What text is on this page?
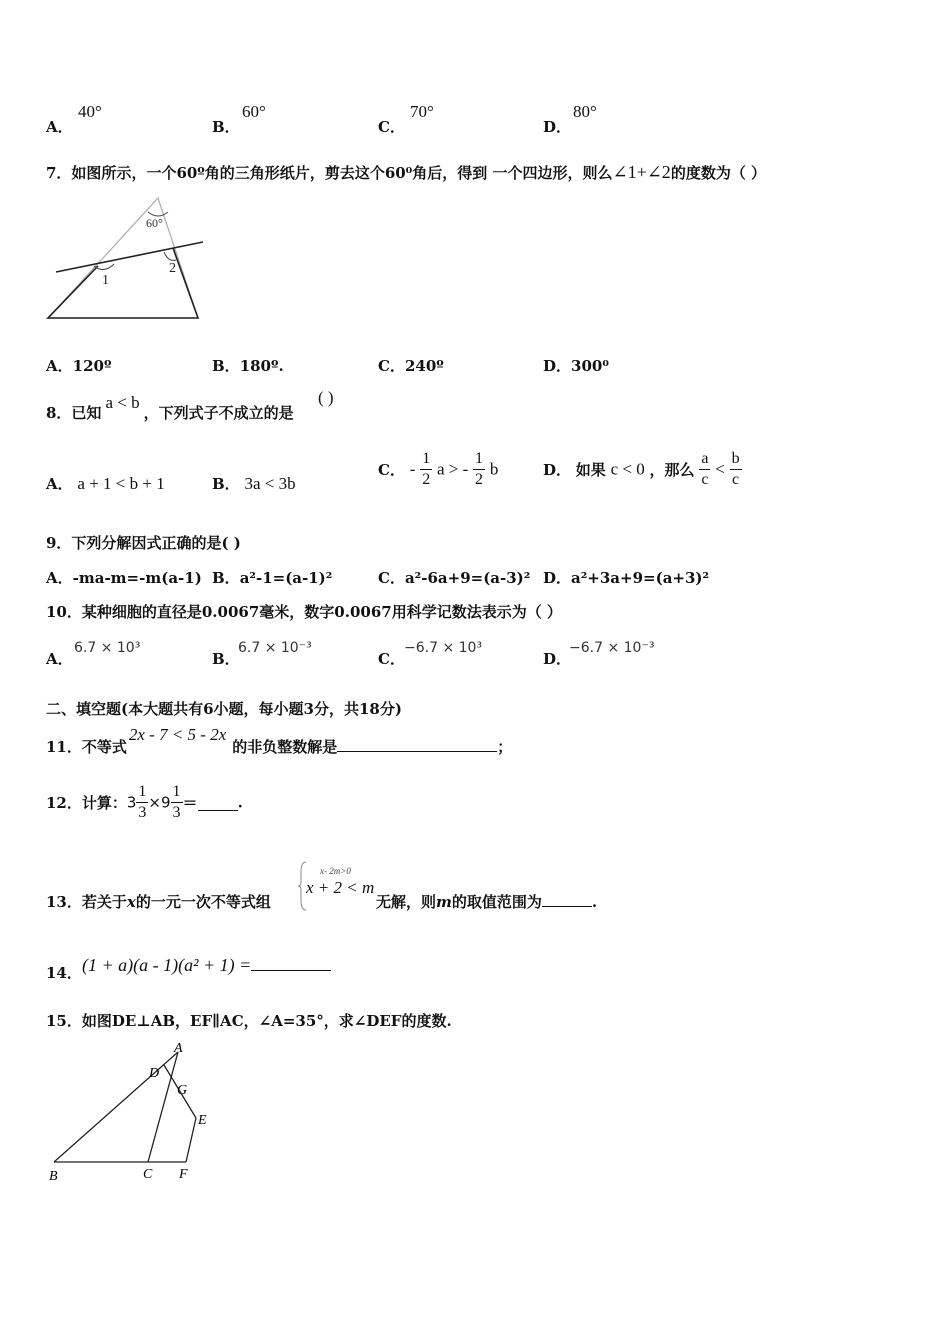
A．
40°
B．
60°
C．
70°
D．
80°
7．如图所示，一个60º角的三角形纸片，剪去这个60⁰角后，得到 一个四边形，则么∠1+∠2的度数为（ ）
60°
1
2
A．120º	B．180º.	C．240º	D．300⁰
8．已知a < b，下列式子不成立的是
( )
A． a + 1 < b + 1	B． 3a < 3b
C． - $\frac{1}{2}$ a > - $\frac{1}{2}$ b	D． 如果 c < 0 ，那么 $\frac{a}{c} < \frac{b}{c}$
9．下列分解因式正确的是( )
A．-ma-m=-m(a-1) B．a²-1=(a-1)²	C．a²-6a+9=(a-3)² D．a²+3a+9=(a+3)²
10．某种细胞的直径是0.0067毫米，数字0.0067用科学记数法表示为（ ）
A．
6.7 × 10³
B．
6.7 × 10⁻³
C．
−6.7 × 10³
D．
−6.7 × 10⁻³
二、填空题(本大题共有6小题，每小题3分，共18分)
11．不等式2x - 7 < 5 - 2x的非负整数解是	；
12．计算：$3 \frac{1}{3} \times 9 \frac{1}{3}$ ＝	.
13．若关于x的一元一次不等式组
x- 2m>0
x + 2 < m
无解，则m的取值范围为	.
14． (1 + a)(a - 1)(a² + 1) =
15．如图DE⊥AB，EF∥AC，∠A=35°，求∠DEF的度数.
A
B	C
D
E
F
G
